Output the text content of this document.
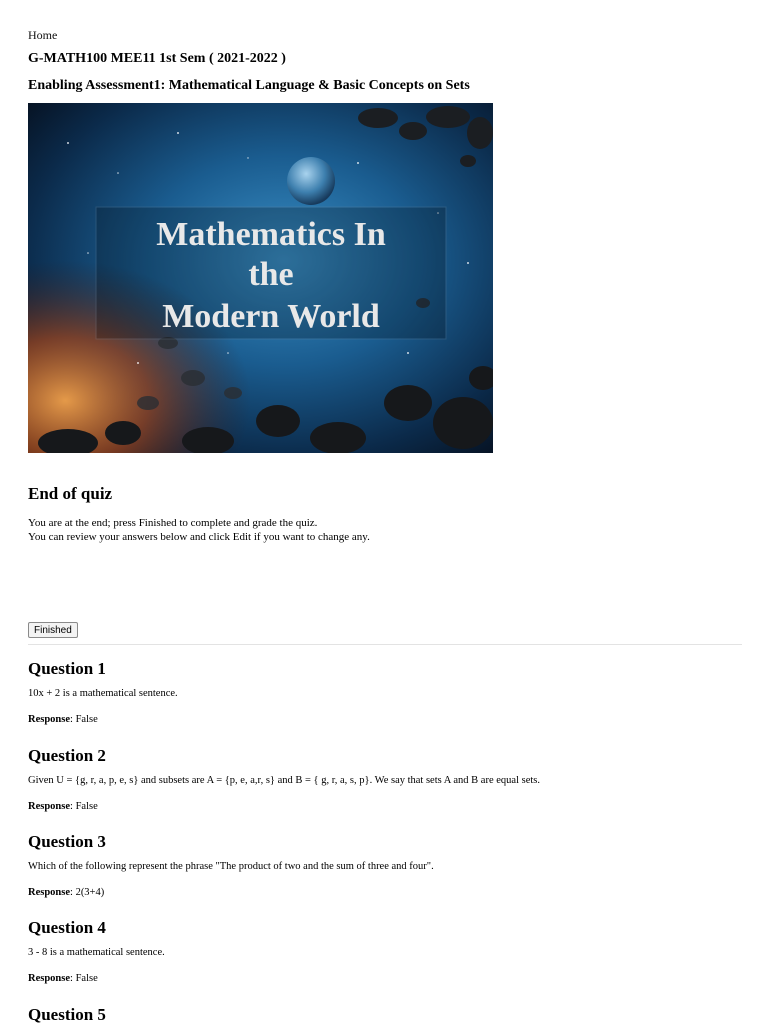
Home
G-MATH100 MEE11 1st Sem ( 2021-2022 )
Enabling Assessment1: Mathematical Language & Basic Concepts on Sets
Mathematics In
the
Modern World
End of quiz
You are at the end; press Finished to complete and grade the quiz.
You can review your answers below and click Edit if you want to change any.
Finished
Question 1
10x + 2 is a mathematical sentence.
Response: False
Question 2
Given U = {g, r, a, p, e, s} and subsets are A = {p, e, a,r, s} and B = { g, r, a, s, p}. We say that sets A and B are equal sets.
Response: False
Question 3
Which of the following represent the phrase "The product of two and the sum of three and four".
Response: 2(3+4)
Question 4
3 - 8 is a mathematical sentence.
Response: False
Question 5
